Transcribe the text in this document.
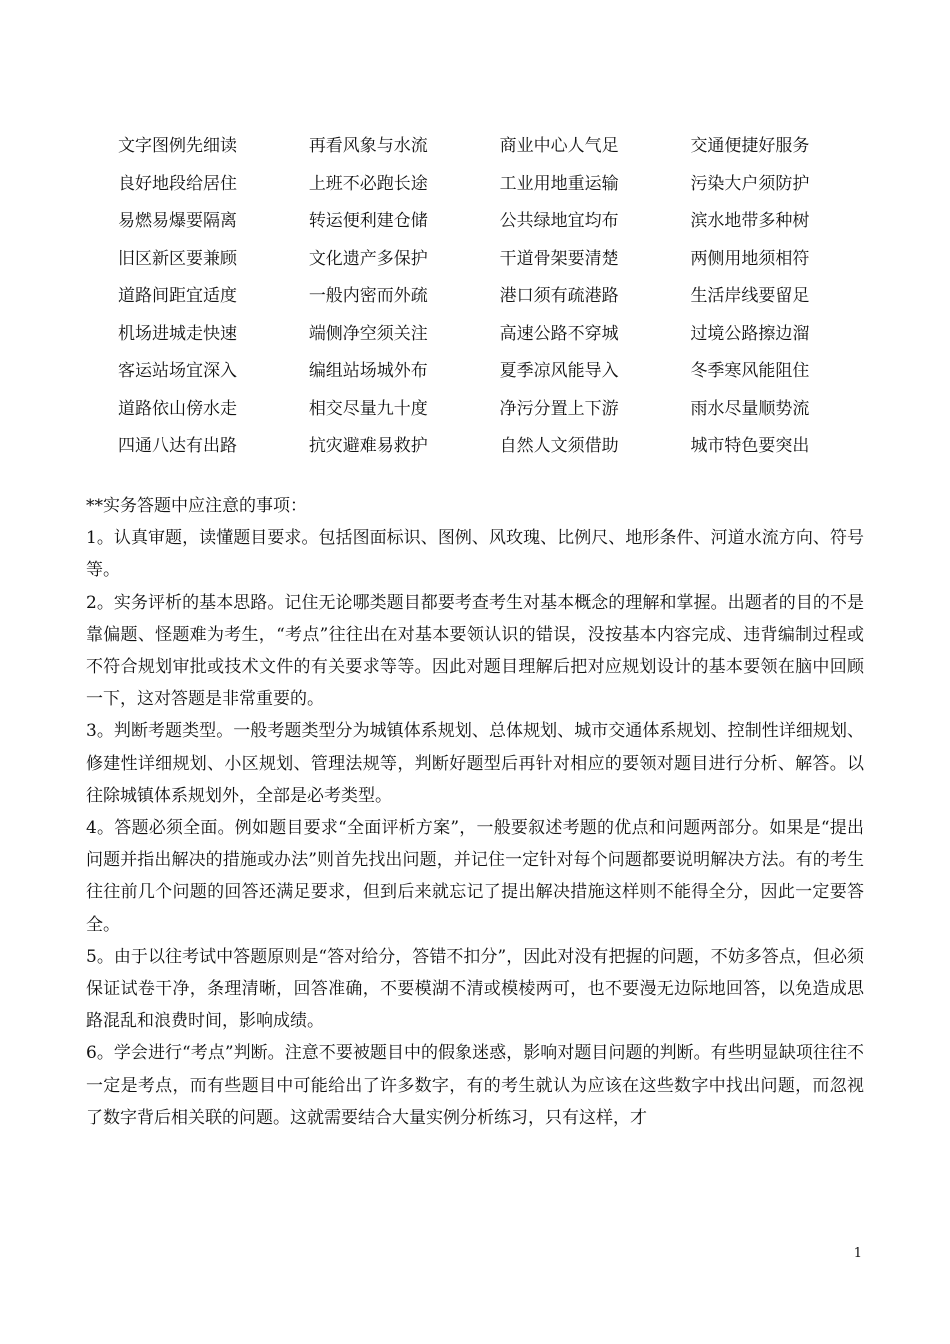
文字图例先细读	再看风象与水流	商业中心人气足	交通便捷好服务
良好地段给居住	上班不必跑长途	工业用地重运输	污染大户须防护
易燃易爆要隔离	转运便利建仓储	公共绿地宜均布	滨水地带多种树
旧区新区要兼顾	文化遗产多保护	干道骨架要清楚	两侧用地须相符
道路间距宜适度	一般内密而外疏	港口须有疏港路	生活岸线要留足
机场进城走快速	端侧净空须关注	高速公路不穿城	过境公路擦边溜
客运站场宜深入	编组站场城外布	夏季凉风能导入	冬季寒风能阻住
道路依山傍水走	相交尽量九十度	净污分置上下游	雨水尽量顺势流
四通八达有出路	抗灾避难易救护	自然人文须借助	城市特色要突出

**实务答题中应注意的事项：

1。认真审题，读懂题目要求。包括图面标识、图例、风玫瑰、比例尺、地形条件、河道水流方向、符号等。

2。实务评析的基本思路。记住无论哪类题目都要考查考生对基本概念的理解和掌握。出题者的目的不是靠偏题、怪题难为考生，“考点”往往出在对基本要领认识的错误，没按基本内容完成、违背编制过程或不符合规划审批或技术文件的有关要求等等。因此对题目理解后把对应规划设计的基本要领在脑中回顾一下，这对答题是非常重要的。

3。判断考题类型。一般考题类型分为城镇体系规划、总体规划、城市交通体系规划、控制性详细规划、修建性详细规划、小区规划、管理法规等，判断好题型后再针对相应的要领对题目进行分析、解答。以往除城镇体系规划外，全部是必考类型。

4。答题必须全面。例如题目要求“全面评析方案”，一般要叙述考题的优点和问题两部分。如果是“提出问题并指出解决的措施或办法”则首先找出问题，并记住一定针对每个问题都要说明解决方法。有的考生往往前几个问题的回答还满足要求，但到后来就忘记了提出解决措施这样则不能得全分，因此一定要答全。

5。由于以往考试中答题原则是“答对给分，答错不扣分”，因此对没有把握的问题，不妨多答点，但必须保证试卷干净，条理清晰，回答准确，不要模湖不清或模棱两可，也不要漫无边际地回答，以免造成思路混乱和浪费时间，影响成绩。

6。学会进行“考点”判断。注意不要被题目中的假象迷惑，影响对题目问题的判断。有些明显缺项往往不一定是考点，而有些题目中可能给出了许多数字，有的考生就认为应该在这些数字中找出问题，而忽视了数字背后相关联的问题。这就需要结合大量实例分析练习，只有这样，才

1
